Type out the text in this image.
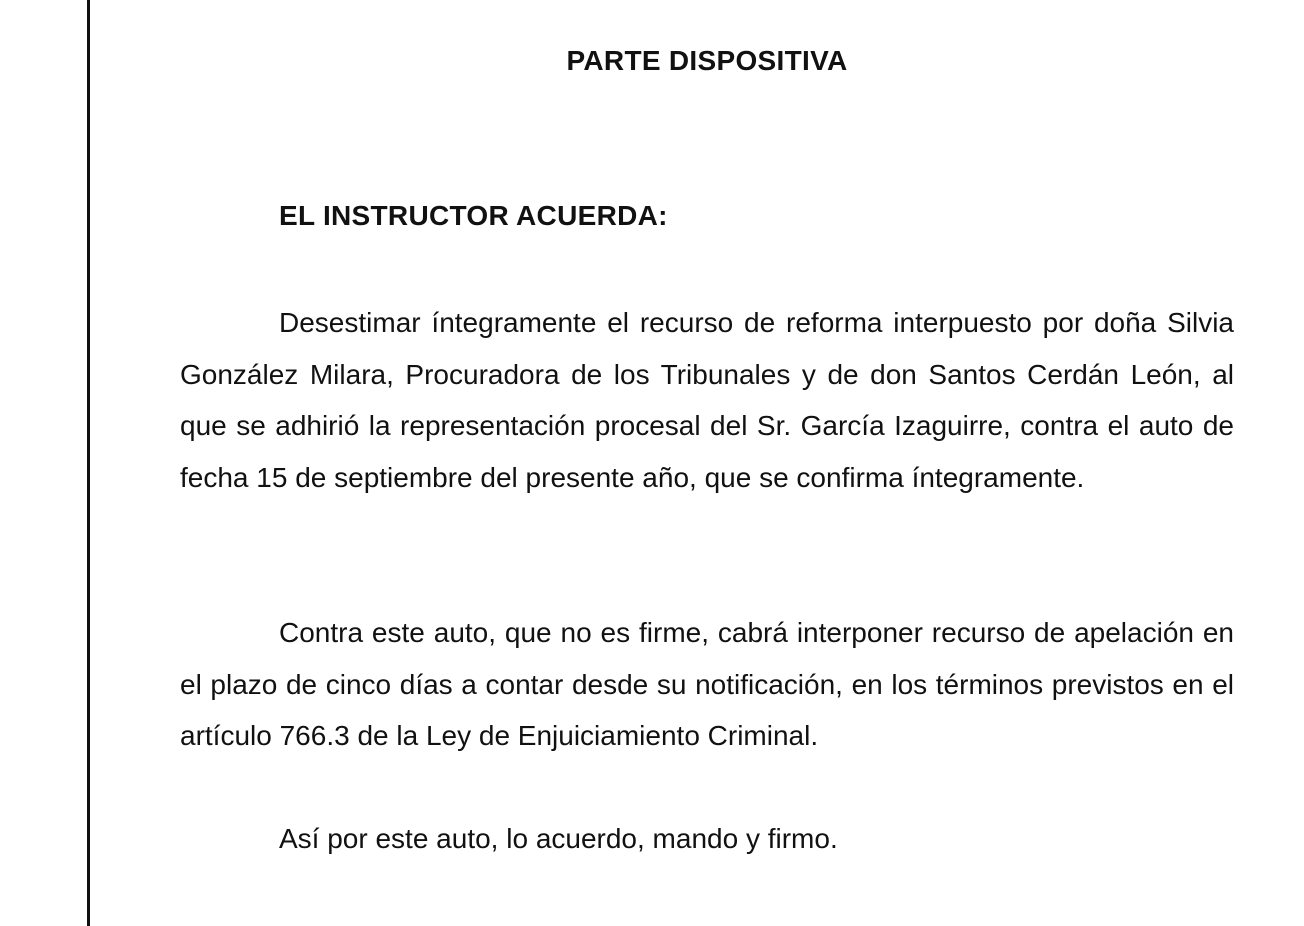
PARTE DISPOSITIVA
EL INSTRUCTOR ACUERDA:

Desestimar íntegramente el recurso de reforma interpuesto por doña Silvia González Milara, Procuradora de los Tribunales y de don Santos Cerdán León, al que se adhirió la representación procesal del Sr. García Izaguirre, contra el auto de fecha 15 de septiembre del presente año, que se confirma íntegramente.

Contra este auto, que no es firme, cabrá interponer recurso de apelación en el plazo de cinco días a contar desde su notificación, en los términos previstos en el artículo 766.3 de la Ley de Enjuiciamiento Criminal.

Así por este auto, lo acuerdo, mando y firmo.
